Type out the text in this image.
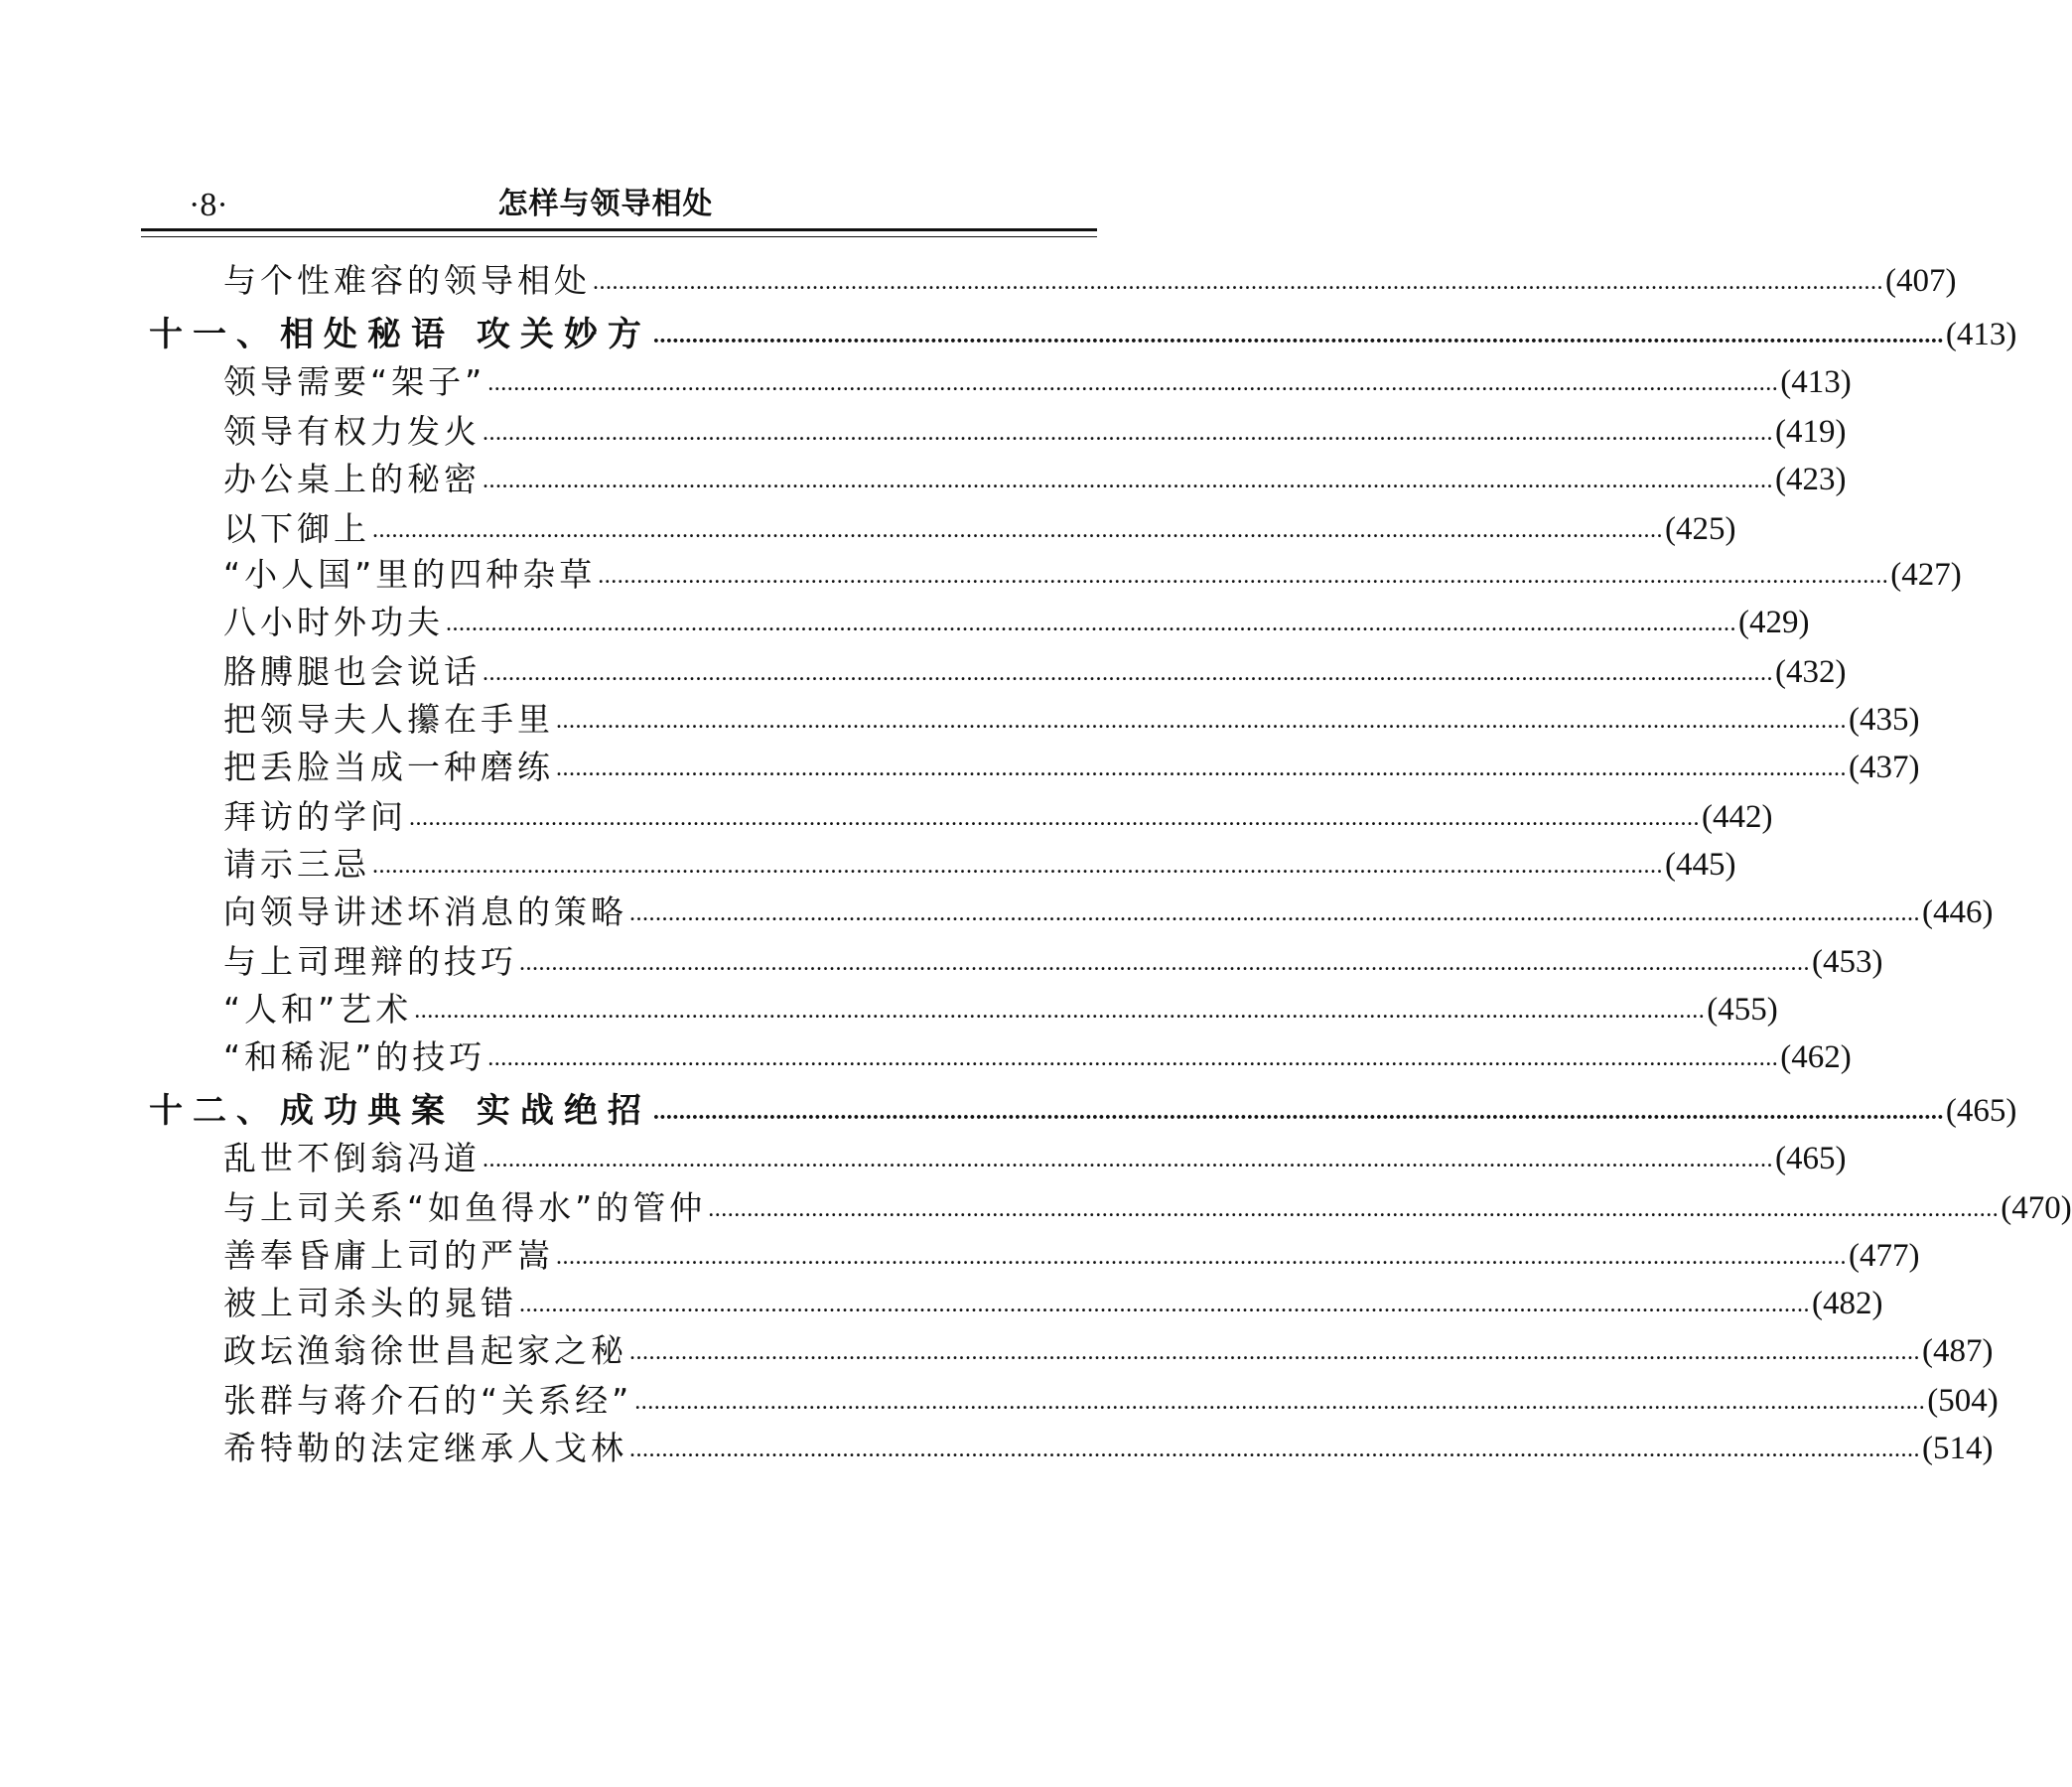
·8·	怎样与领导相处
与个性难容的领导相处 ........................................................................................................................................................................................................ (407)
十一、相处秘语 攻关妙方 ........................................................................................................................................................................................................ (413)
领导需要“架子” ........................................................................................................................................................................................................ (413)
领导有权力发火 ........................................................................................................................................................................................................ (419)
办公桌上的秘密 ........................................................................................................................................................................................................ (423)
以下御上 ........................................................................................................................................................................................................ (425)
“小人国”里的四种杂草 ........................................................................................................................................................................................................ (427)
八小时外功夫 ........................................................................................................................................................................................................ (429)
胳膊腿也会说话 ........................................................................................................................................................................................................ (432)
把领导夫人攥在手里 ........................................................................................................................................................................................................ (435)
把丢脸当成一种磨练 ........................................................................................................................................................................................................ (437)
拜访的学问 ........................................................................................................................................................................................................ (442)
请示三忌 ........................................................................................................................................................................................................ (445)
向领导讲述坏消息的策略 ........................................................................................................................................................................................................ (446)
与上司理辩的技巧 ........................................................................................................................................................................................................ (453)
“人和”艺术 ........................................................................................................................................................................................................ (455)
“和稀泥”的技巧 ........................................................................................................................................................................................................ (462)
十二、成功典案 实战绝招 ........................................................................................................................................................................................................ (465)
乱世不倒翁冯道 ........................................................................................................................................................................................................ (465)
与上司关系“如鱼得水”的管仲 ........................................................................................................................................................................................................ (470)
善奉昏庸上司的严嵩 ........................................................................................................................................................................................................ (477)
被上司杀头的晁错 ........................................................................................................................................................................................................ (482)
政坛渔翁徐世昌起家之秘 ........................................................................................................................................................................................................ (487)
张群与蒋介石的“关系经” ........................................................................................................................................................................................................ (504)
希特勒的法定继承人戈林 ........................................................................................................................................................................................................ (514)
